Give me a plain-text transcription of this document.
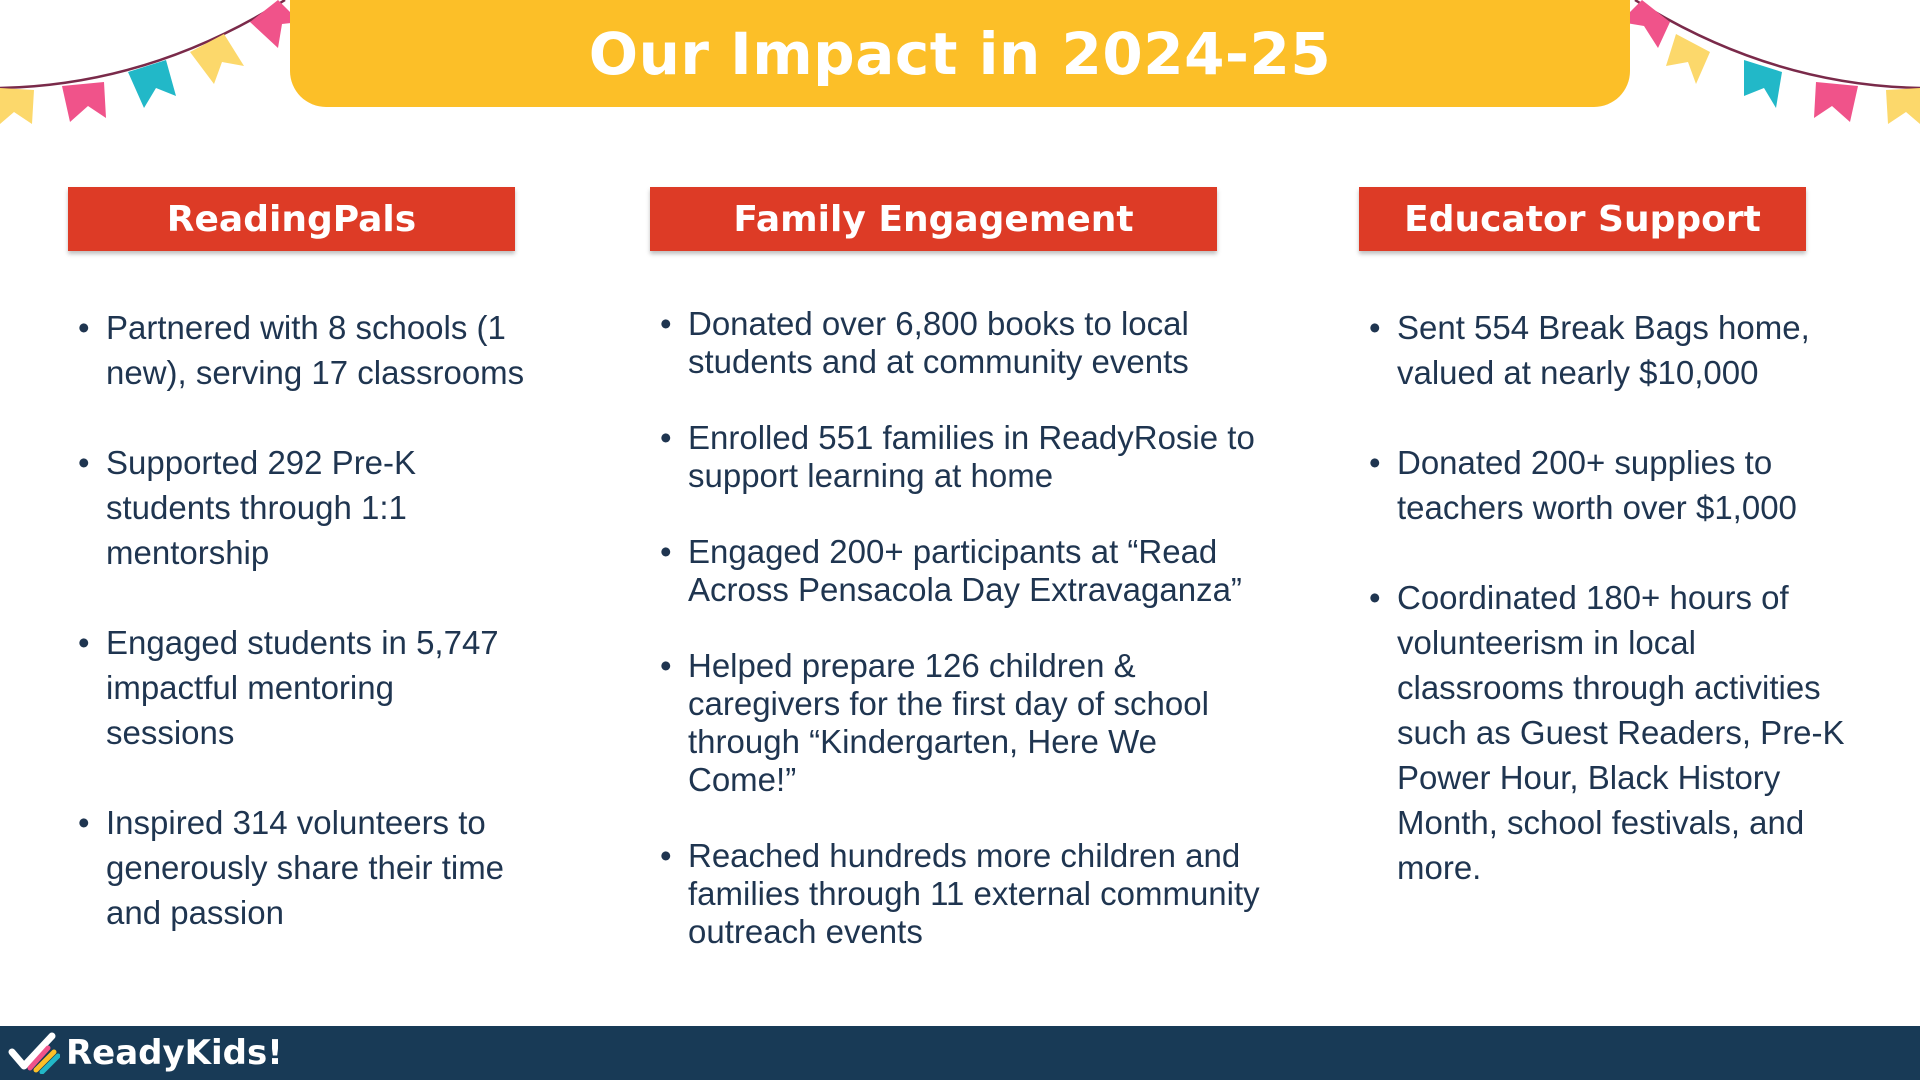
Our Impact in 2024-25
ReadingPals
• Partnered with 8 schools (1 new), serving 17 classrooms
• Supported 292 Pre-K students through 1:1 mentorship
• Engaged students in 5,747 impactful mentoring sessions
• Inspired 314 volunteers to generously share their time and passion
Family Engagement
• Donated over 6,800 books to local students and at community events
• Enrolled 551 families in ReadyRosie to support learning at home
• Engaged 200+ participants at “Read Across Pensacola Day Extravaganza”
• Helped prepare 126 children & caregivers for the first day of school through “Kindergarten, Here We Come!”
• Reached hundreds more children and families through 11 external community outreach events
Educator Support
• Sent 554 Break Bags home, valued at nearly $10,000
• Donated 200+ supplies to teachers worth over $1,000
• Coordinated 180+ hours of volunteerism in local classrooms through activities such as Guest Readers, Pre-K Power Hour, Black History Month, school festivals, and more.
ReadyKids!
